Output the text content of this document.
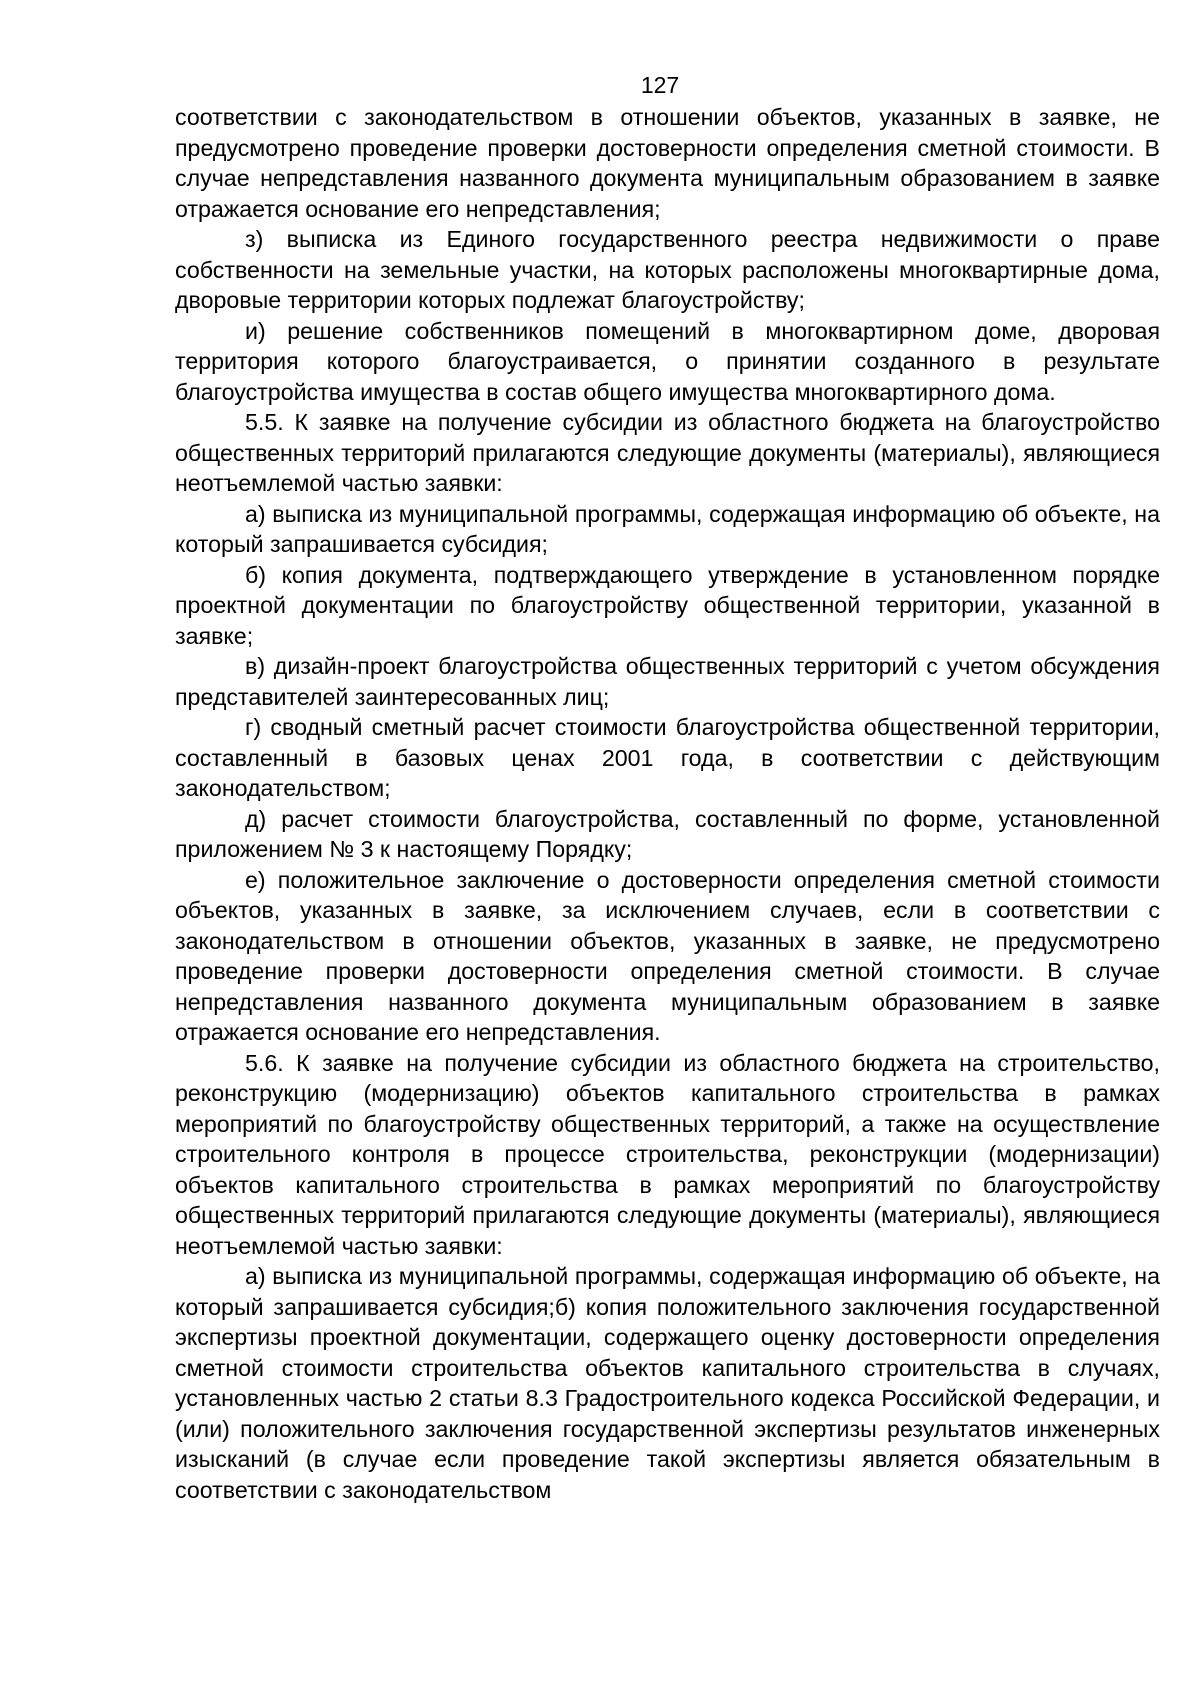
127

соответствии с законодательством в отношении объектов, указанных в заявке, не предусмотрено проведение проверки достоверности определения сметной стоимости. В случае непредставления названного документа муниципальным образованием в заявке отражается основание его непредставления;

з) выписка из Единого государственного реестра недвижимости о праве собственности на земельные участки, на которых расположены многоквартирные дома, дворовые территории которых подлежат благоустройству;

и) решение собственников помещений в многоквартирном доме, дворовая территория которого благоустраивается, о принятии созданного в результате благоустройства имущества в состав общего имущества многоквартирного дома.

5.5. К заявке на получение субсидии из областного бюджета на благоустройство общественных территорий прилагаются следующие документы (материалы), являющиеся неотъемлемой частью заявки:

а) выписка из муниципальной программы, содержащая информацию об объекте, на который запрашивается субсидия;

б) копия документа, подтверждающего утверждение в установленном порядке проектной документации по благоустройству общественной территории, указанной в заявке;

в) дизайн-проект благоустройства общественных территорий с учетом обсуждения представителей заинтересованных лиц;

г) сводный сметный расчет стоимости благоустройства общественной территории, составленный в базовых ценах 2001 года, в соответствии с действующим законодательством;

д) расчет стоимости благоустройства, составленный по форме, установленной приложением № 3 к настоящему Порядку;

е) положительное заключение о достоверности определения сметной стоимости объектов, указанных в заявке, за исключением случаев, если в соответствии с законодательством в отношении объектов, указанных в заявке, не предусмотрено проведение проверки достоверности определения сметной стоимости. В случае непредставления названного документа муниципальным образованием в заявке отражается основание его непредставления.

5.6. К заявке на получение субсидии из областного бюджета на строительство, реконструкцию (модернизацию) объектов капитального строительства в рамках мероприятий по благоустройству общественных территорий, а также на осуществление строительного контроля в процессе строительства, реконструкции (модернизации) объектов капитального строительства в рамках мероприятий по благоустройству общественных территорий прилагаются следующие документы (материалы), являющиеся неотъемлемой частью заявки:

а) выписка из муниципальной программы, содержащая информацию об объекте, на который запрашивается субсидия;б) копия положительного заключения государственной экспертизы проектной документации, содержащего оценку достоверности определения сметной стоимости строительства объектов капитального строительства в случаях, установленных частью 2 статьи 8.3 Градостроительного кодекса Российской Федерации, и (или) положительного заключения государственной экспертизы результатов инженерных изысканий (в случае если проведение такой экспертизы является обязательным в соответствии с законодательством
